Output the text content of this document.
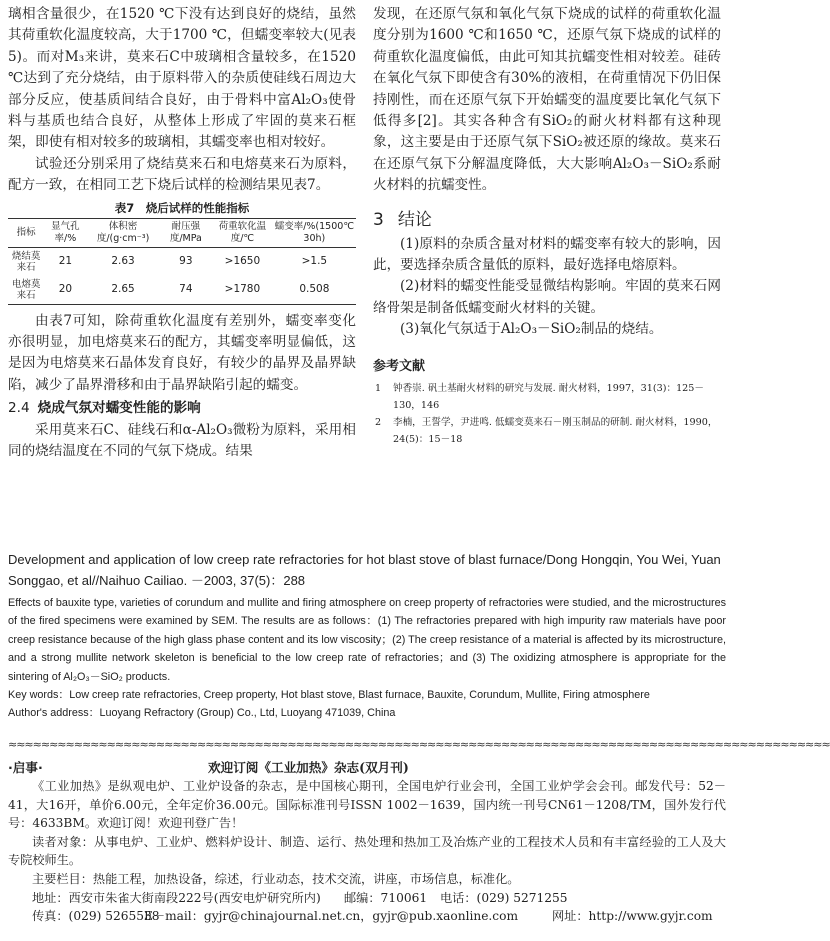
璃相含量很少，在1520 ℃下没有达到良好的烧结，虽然其荷重软化温度较高，大于1700 ℃，但蠕变率较大(见表5)。而对M₃来讲，莫来石C中玻璃相含量较多，在1520 ℃达到了充分烧结，由于原料带入的杂质使硅线石周边大部分反应，使基质间结合良好，由于骨料中富Al₂O₃使骨料与基质也结合良好，从整体上形成了牢固的莫来石框架，即使有相对较多的玻璃相，其蠕变率也相对较好。

试验还分别采用了烧结莫来石和电熔莫来石为原料，配方一致，在相同工艺下烧后试样的检测结果见表7。

表7　烧后试样的性能指标
指标	显气孔率/%	体积密度/(g·cm⁻³)	耐压强度/MPa	荷重软化温度/℃	蠕变率/%(1500℃ 30h)
烧结莫来石	21	2.63	93	>1650	>1.5
电熔莫来石	20	2.65	74	>1780	0.508

由表7可知，除荷重软化温度有差别外，蠕变率变化亦很明显，加电熔莫来石的配方，其蠕变率明显偏低，这是因为电熔莫来石晶体发育良好，有较少的晶界及晶界缺陷，减少了晶界滑移和由于晶界缺陷引起的蠕变。

2.4 烧成气氛对蠕变性能的影响

采用莫来石C、硅线石和α-Al₂O₃微粉为原料，采用相同的烧结温度在不同的气氛下烧成。结果

发现，在还原气氛和氧化气氛下烧成的试样的荷重软化温度分别为1600 ℃和1650 ℃，还原气氛下烧成的试样的荷重软化温度偏低，由此可知其抗蠕变性相对较差。硅砖在氧化气氛下即使含有30%的液相，在荷重情况下仍旧保持刚性，而在还原气氛下开始蠕变的温度要比氧化气氛下低得多[2]。其实各种含有SiO₂的耐火材料都有这种现象，这主要是由于还原气氛下SiO₂被还原的缘故。莫来石在还原气氛下分解温度降低，大大影响Al₂O₃－SiO₂系耐火材料的抗蠕变性。

3 结论

(1)原料的杂质含量对材料的蠕变率有较大的影响，因此，要选择杂质含量低的原料，最好选择电熔原料。

(2)材料的蠕变性能受显微结构影响。牢固的莫来石网络骨架是制备低蠕变耐火材料的关键。

(3)氧化气氛适于Al₂O₃－SiO₂制品的烧结。

参考文献
1	钟香崇. 矾土基耐火材料的研究与发展. 耐火材料，1997，31(3)：125－130，146
2	李楠，王誓学，尹进鸣. 低蠕变莫来石－刚玉制品的研制. 耐火材料，1990，24(5)：15－18
Development and application of low creep rate refractories for hot blast stove of blast furnace/Dong Hongqin, You Wei, Yuan Songgao, et al//Naihuo Cailiao. －2003, 37(5)：288
Effects of bauxite type, varieties of corundum and mullite and firing atmosphere on creep property of refractories were studied, and the microstructures of the fired specimens were examined by SEM. The results are as follows：(1) The refractories prepared with high impurity raw materials have poor creep resistance because of the high glass phase content and its low viscosity；(2) The creep resistance of a material is affected by its microstructure, and a strong mullite network skeleton is beneficial to the low creep rate of refractories；and (3) The oxidizing atmosphere is appropriate for the sintering of Al₂O₃－SiO₂ products.
Key words：Low creep rate refractories, Creep property, Hot blast stove, Blast furnace, Bauxite, Corundum, Mullite, Firing atmosphere
Author's address：Luoyang Refractory (Group) Co., Ltd, Luoyang 471039, China
≈≈≈≈≈≈≈≈≈≈≈≈≈≈≈≈≈≈≈≈≈≈≈≈≈≈≈≈≈≈≈≈≈≈≈≈≈≈≈≈≈≈≈≈≈≈≈≈≈≈≈≈≈≈≈≈≈≈≈≈≈≈≈≈≈≈≈≈≈≈≈≈≈≈≈≈≈≈≈≈≈≈≈≈≈≈≈≈≈≈≈≈≈≈≈≈≈≈≈≈
·启事·	欢迎订阅《工业加热》杂志(双月刊)

《工业加热》是纵观电炉、工业炉设备的杂志，是中国核心期刊，全国电炉行业会刊，全国工业炉学会会刊。邮发代号：52－41，大16开，单价6.00元，全年定价36.00元。国际标准刊号ISSN 1002－1639，国内统一刊号CN61－1208/TM，国外发行代号：4633BM。欢迎订阅！欢迎刊登广告！

读者对象：从事电炉、工业炉、燃料炉设计、制造、运行、热处理和热加工及冶炼产业的工程技术人员和有丰富经验的工人及大专院校师生。

主要栏目：热能工程，加热设备，综述，行业动态，技术交流，讲座，市场信息，标准化。

地址：西安市朱雀大街南段222号(西安电炉研究所内) 邮编：710061 电话：(029) 5271255
传真：(029) 5265538E－mail：gyjr@chinajournal.net.cn，gyjr@pub.xaonline.com	网址：http://www.gyjr.com
